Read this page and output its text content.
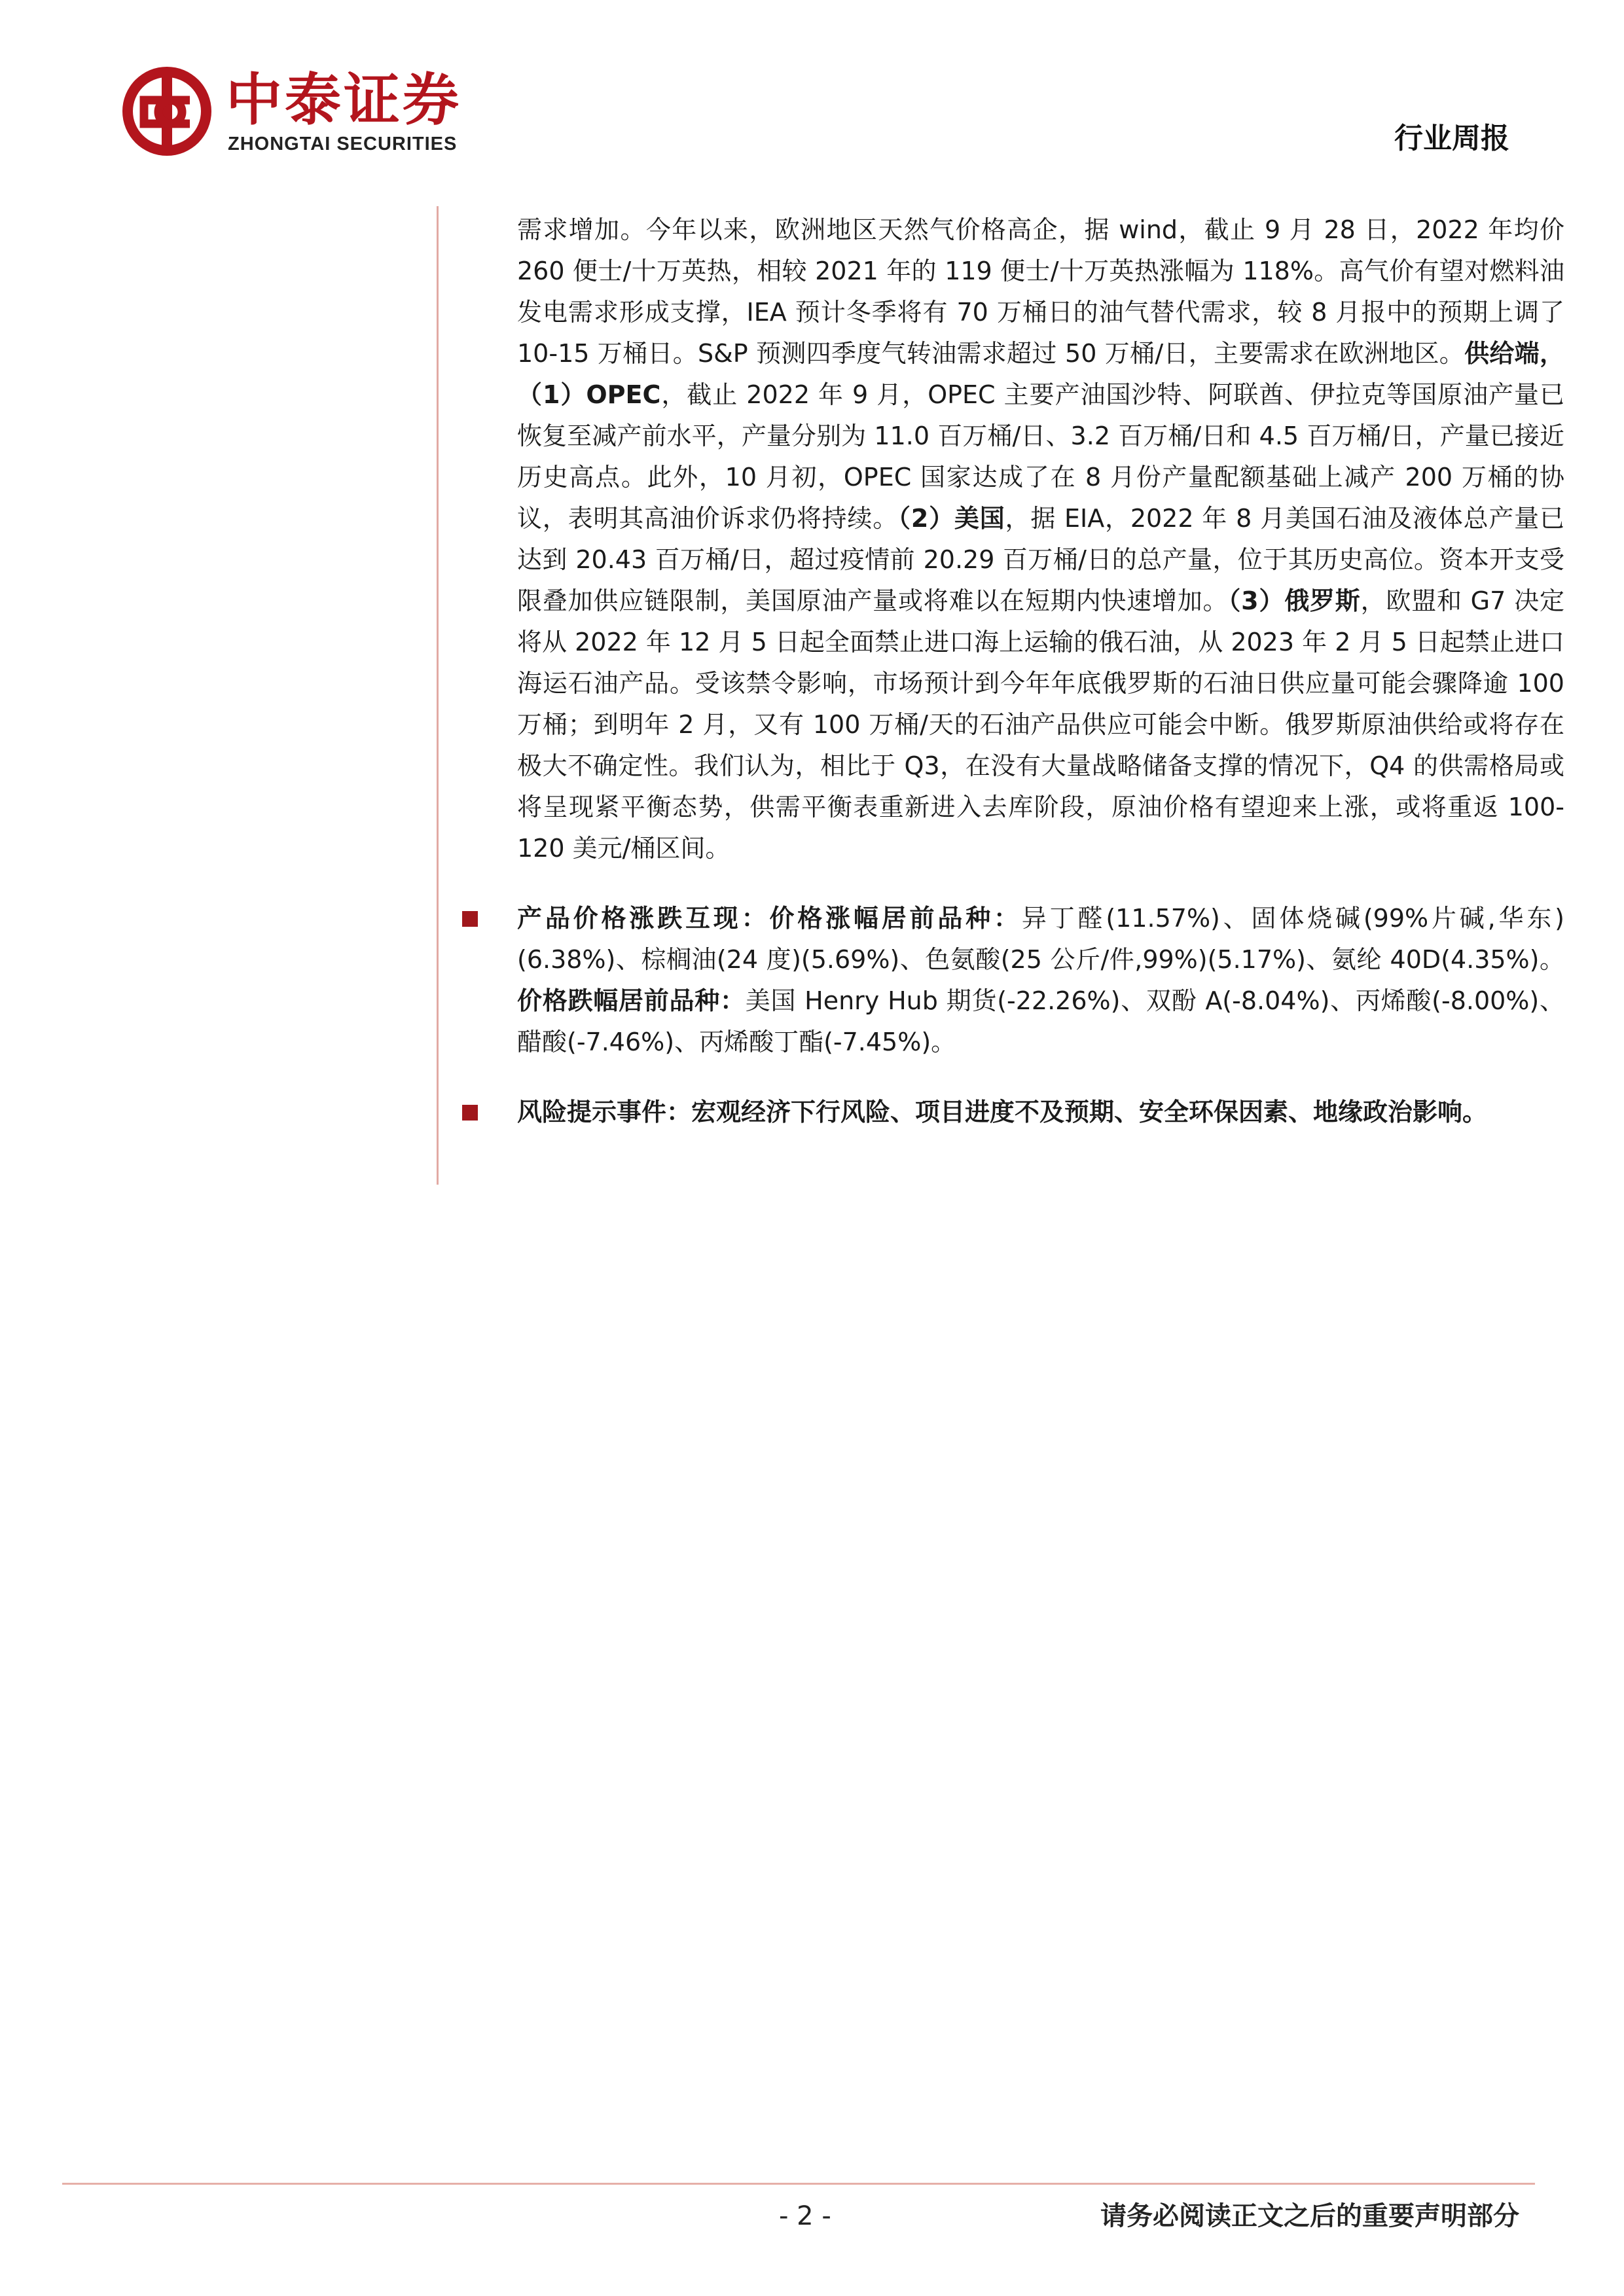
中泰证券
ZHONGTAI SECURITIES	行业周报

需求增加。今年以来，欧洲地区天然气价格高企，据 wind，截止 9 月 28 日，2022 年均价 260 便士/十万英热，相较 2021 年的 119 便士/十万英热涨幅为 118%。高气价有望对燃料油发电需求形成支撑，IEA 预计冬季将有 70 万桶日的油气替代需求，较 8 月报中的预期上调了 10-15 万桶日。S&P 预测四季度气转油需求超过 50 万桶/日，主要需求在欧洲地区。供给端，（1）OPEC，截止 2022 年 9 月，OPEC 主要产油国沙特、阿联酋、伊拉克等国原油产量已恢复至减产前水平，产量分别为 11.0 百万桶/日、3.2 百万桶/日和 4.5 百万桶/日，产量已接近历史高点。此外，10 月初，OPEC 国家达成了在 8 月份产量配额基础上减产 200 万桶的协议，表明其高油价诉求仍将持续。（2）美国，据 EIA，2022 年 8 月美国石油及液体总产量已达到 20.43 百万桶/日，超过疫情前 20.29 百万桶/日的总产量，位于其历史高位。资本开支受限叠加供应链限制，美国原油产量或将难以在短期内快速增加。（3）俄罗斯，欧盟和 G7 决定将从 2022 年 12 月 5 日起全面禁止进口海上运输的俄石油，从 2023 年 2 月 5 日起禁止进口海运石油产品。受该禁令影响，市场预计到今年年底俄罗斯的石油日供应量可能会骤降逾 100 万桶；到明年 2 月，又有 100 万桶/天的石油产品供应可能会中断。俄罗斯原油供给或将存在极大不确定性。我们认为，相比于 Q3，在没有大量战略储备支撑的情况下，Q4 的供需格局或将呈现紧平衡态势，供需平衡表重新进入去库阶段，原油价格有望迎来上涨，或将重返 100-120 美元/桶区间。

产品价格涨跌互现：价格涨幅居前品种：异丁醛(11.57%)、固体烧碱(99%片碱,华东)(6.38%)、棕榈油(24 度)(5.69%)、色氨酸(25 公斤/件,99%)(5.17%)、氨纶 40D(4.35%)。价格跌幅居前品种：美国 Henry Hub 期货(-22.26%)、双酚 A(-8.04%)、丙烯酸(-8.00%)、醋酸(-7.46%)、丙烯酸丁酯(-7.45%)。

风险提示事件：宏观经济下行风险、项目进度不及预期、安全环保因素、地缘政治影响。

- 2 -	请务必阅读正文之后的重要声明部分
